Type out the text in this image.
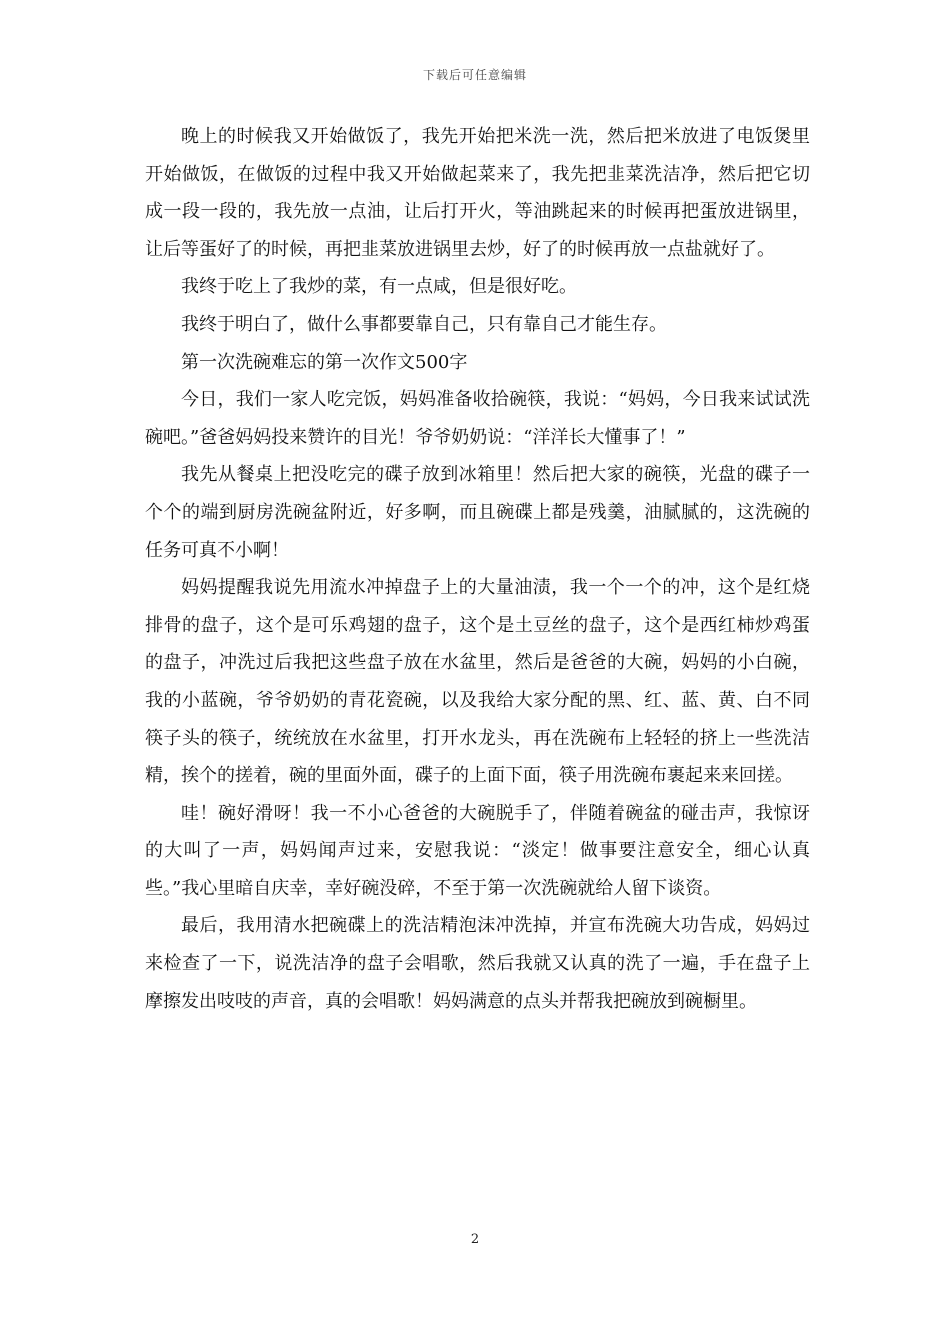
下载后可任意编辑

晚上的时候我又开始做饭了，我先开始把米洗一洗，然后把米放进了电饭煲里开始做饭，在做饭的过程中我又开始做起菜来了，我先把韭菜洗洁净，然后把它切成一段一段的，我先放一点油，让后打开火，等油跳起来的时候再把蛋放进锅里，让后等蛋好了的时候，再把韭菜放进锅里去炒，好了的时候再放一点盐就好了。

我终于吃上了我炒的菜，有一点咸，但是很好吃。

我终于明白了，做什么事都要靠自己，只有靠自己才能生存。

第一次洗碗难忘的第一次作文500字

今日，我们一家人吃完饭，妈妈准备收拾碗筷，我说：“妈妈，今日我来试试洗碗吧。”爸爸妈妈投来赞许的目光！爷爷奶奶说：“洋洋长大懂事了！”

我先从餐桌上把没吃完的碟子放到冰箱里！然后把大家的碗筷，光盘的碟子一个个的端到厨房洗碗盆附近，好多啊，而且碗碟上都是残羹，油腻腻的，这洗碗的任务可真不小啊！

妈妈提醒我说先用流水冲掉盘子上的大量油渍，我一个一个的冲，这个是红烧排骨的盘子，这个是可乐鸡翅的盘子，这个是土豆丝的盘子，这个是西红柿炒鸡蛋的盘子，冲洗过后我把这些盘子放在水盆里，然后是爸爸的大碗，妈妈的小白碗，我的小蓝碗，爷爷奶奶的青花瓷碗，以及我给大家分配的黑、红、蓝、黄、白不同筷子头的筷子，统统放在水盆里，打开水龙头，再在洗碗布上轻轻的挤上一些洗洁精，挨个的搓着，碗的里面外面，碟子的上面下面，筷子用洗碗布裹起来来回搓。

哇！碗好滑呀！我一不小心爸爸的大碗脱手了，伴随着碗盆的碰击声，我惊讶的大叫了一声，妈妈闻声过来，安慰我说：“淡定！做事要注意安全，细心认真些。”我心里暗自庆幸，幸好碗没碎，不至于第一次洗碗就给人留下谈资。

最后，我用清水把碗碟上的洗洁精泡沫冲洗掉，并宣布洗碗大功告成，妈妈过来检查了一下，说洗洁净的盘子会唱歌，然后我就又认真的洗了一遍，手在盘子上摩擦发出吱吱的声音，真的会唱歌！妈妈满意的点头并帮我把碗放到碗橱里。

2
